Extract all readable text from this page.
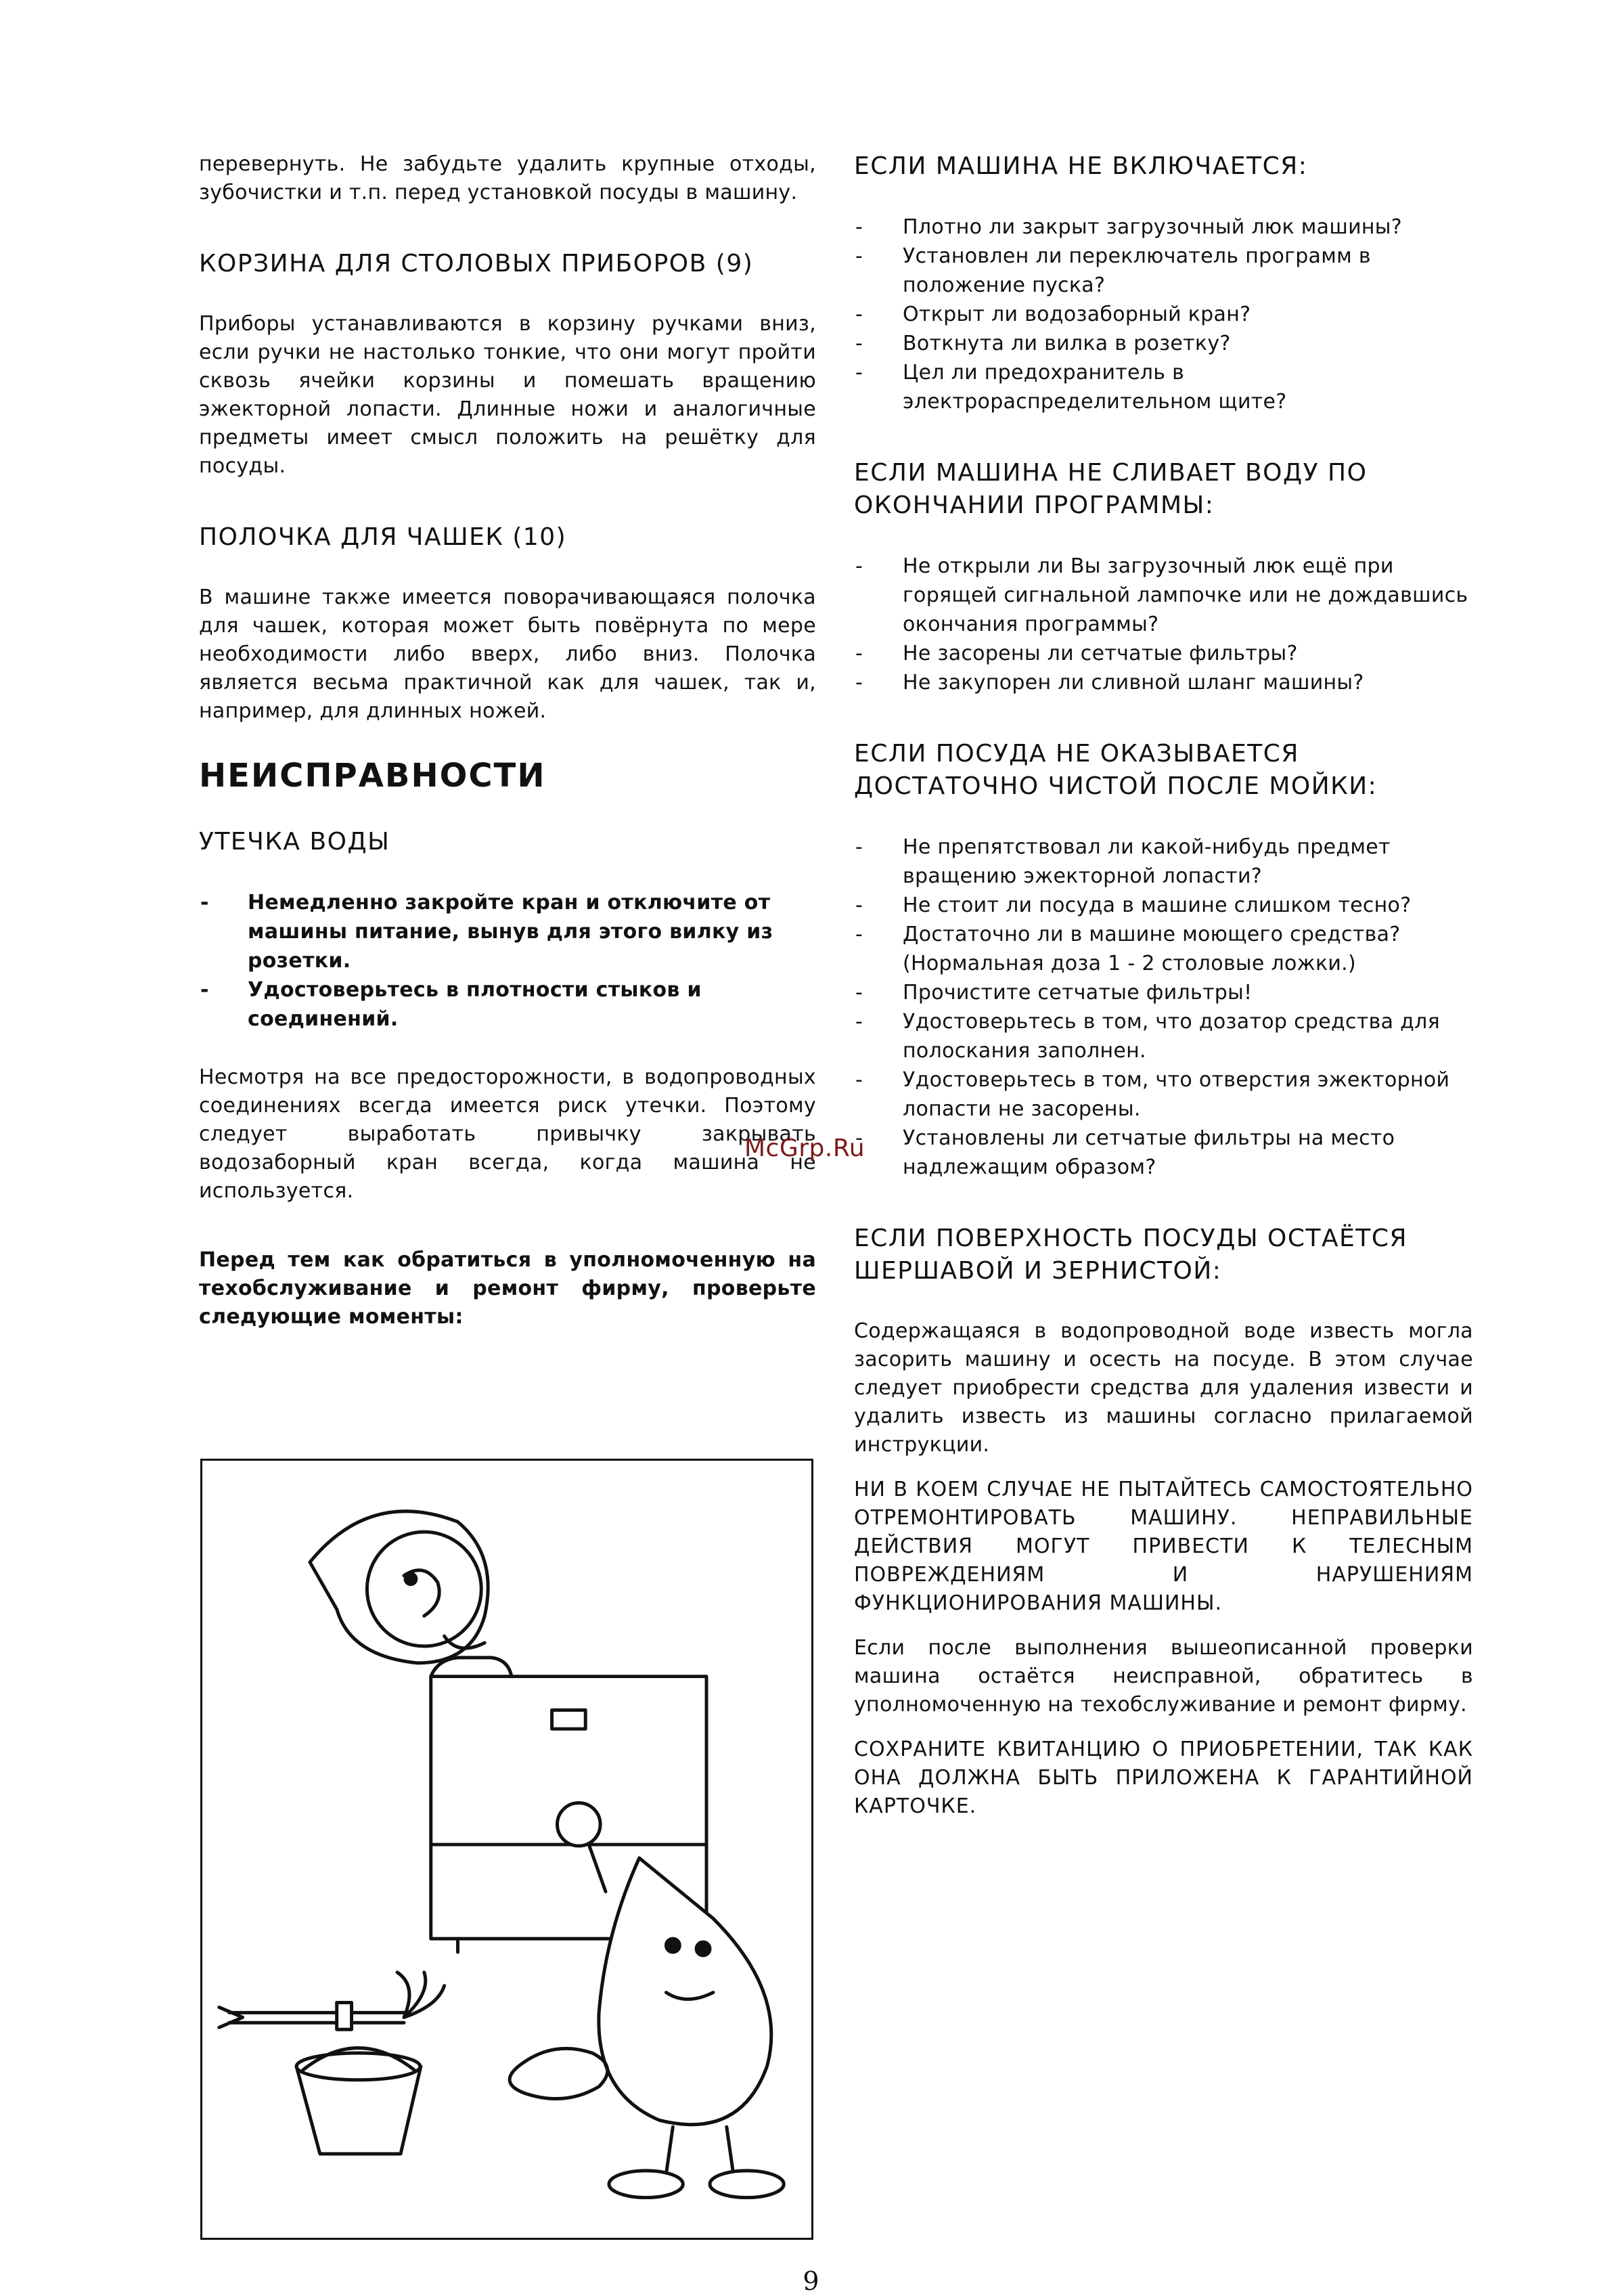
перевернуть. Не забудьте удалить крупные отходы, зубочистки и т.п. перед установкой посуды в машину.

КОРЗИНА ДЛЯ СТОЛОВЫХ ПРИБОРОВ (9)

Приборы устанавливаются в корзину ручками вниз, если ручки не настолько тонкие, что они могут пройти сквозь ячейки корзины и помешать вращению эжекторной лопасти. Длинные ножи и аналогичные предметы имеет смысл положить на решётку для посуды.

ПОЛОЧКА ДЛЯ ЧАШЕК (10)

В машине также имеется поворачивающаяся полочка для чашек, которая может быть повёрнута по мере необходимости либо вверх, либо вниз. Полочка является весьма практичной как для чашек, так и, например, для длинных ножей.

НЕИСПРАВНОСТИ
УТЕЧКА ВОДЫ
- Немедленно закройте кран и отключите от машины питание, вынув для этого вилку из розетки.
- Удостоверьтесь в плотности стыков и соединений.

Несмотря на все предосторожности, в водопроводных соединениях всегда имеется риск утечки. Поэтому следует выработать привычку закрывать водозаборный кран всегда, когда машина не используется.

Перед тем как обратиться в уполномоченную на техобслуживание и ремонт фирму, проверьте следующие моменты:

ЕСЛИ МАШИНА НЕ ВКЛЮЧАЕТСЯ:
- Плотно ли закрыт загрузочный люк машины?
- Установлен ли переключатель программ в положение пуска?
- Открыт ли водозаборный кран?
- Воткнута ли вилка в розетку?
- Цел ли предохранитель в электрораспределительном щите?
ЕСЛИ МАШИНА НЕ СЛИВАЕТ ВОДУ ПО ОКОНЧАНИИ ПРОГРАММЫ:
- Не открыли ли Вы загрузочный люк ещё при горящей сигнальной лампочке или не дождавшись окончания программы?
- Не засорены ли сетчатые фильтры?
- Не закупорен ли сливной шланг машины?
ЕСЛИ ПОСУДА НЕ ОКАЗЫВАЕТСЯ ДОСТАТОЧНО ЧИСТОЙ ПОСЛЕ МОЙКИ:
- Не препятствовал ли какой-нибудь предмет вращению эжекторной лопасти?
- Не стоит ли посуда в машине слишком тесно?
- Достаточно ли в машине моющего средства? (Нормальная доза 1 - 2 столовые ложки.)
- Прочистите сетчатые фильтры!
- Удостоверьтесь в том, что дозатор средства для полоскания заполнен.
- Удостоверьтесь в том, что отверстия эжекторной лопасти не засорены.
- Установлены ли сетчатые фильтры на место надлежащим образом?
ЕСЛИ ПОВЕРХНОСТЬ ПОСУДЫ ОСТАЁТСЯ ШЕРШАВОЙ И ЗЕРНИСТОЙ:

Содержащаяся в водопроводной воде известь могла засорить машину и осесть на посуде. В этом случае следует приобрести средства для удаления извести и удалить известь из машины согласно прилагаемой инструкции.

НИ В КОЕМ СЛУЧАЕ НЕ ПЫТАЙТЕСЬ САМОСТОЯТЕЛЬНО ОТРЕМОНТИРОВАТЬ МАШИНУ. НЕПРАВИЛЬНЫЕ ДЕЙСТВИЯ МОГУТ ПРИВЕСТИ К ТЕЛЕСНЫМ ПОВРЕЖДЕНИЯМ И НАРУШЕНИЯМ ФУНКЦИОНИРОВАНИЯ МАШИНЫ.

Если после выполнения вышеописанной проверки машина остаётся неисправной, обратитесь в уполномоченную на техобслуживание и ремонт фирму.

СОХРАНИТЕ КВИТАНЦИЮ О ПРИОБРЕТЕНИИ, ТАК КАК ОНА ДОЛЖНА БЫТЬ ПРИЛОЖЕНА К ГАРАНТИЙНОЙ КАРТОЧКЕ.

McGrp.Ru
9
